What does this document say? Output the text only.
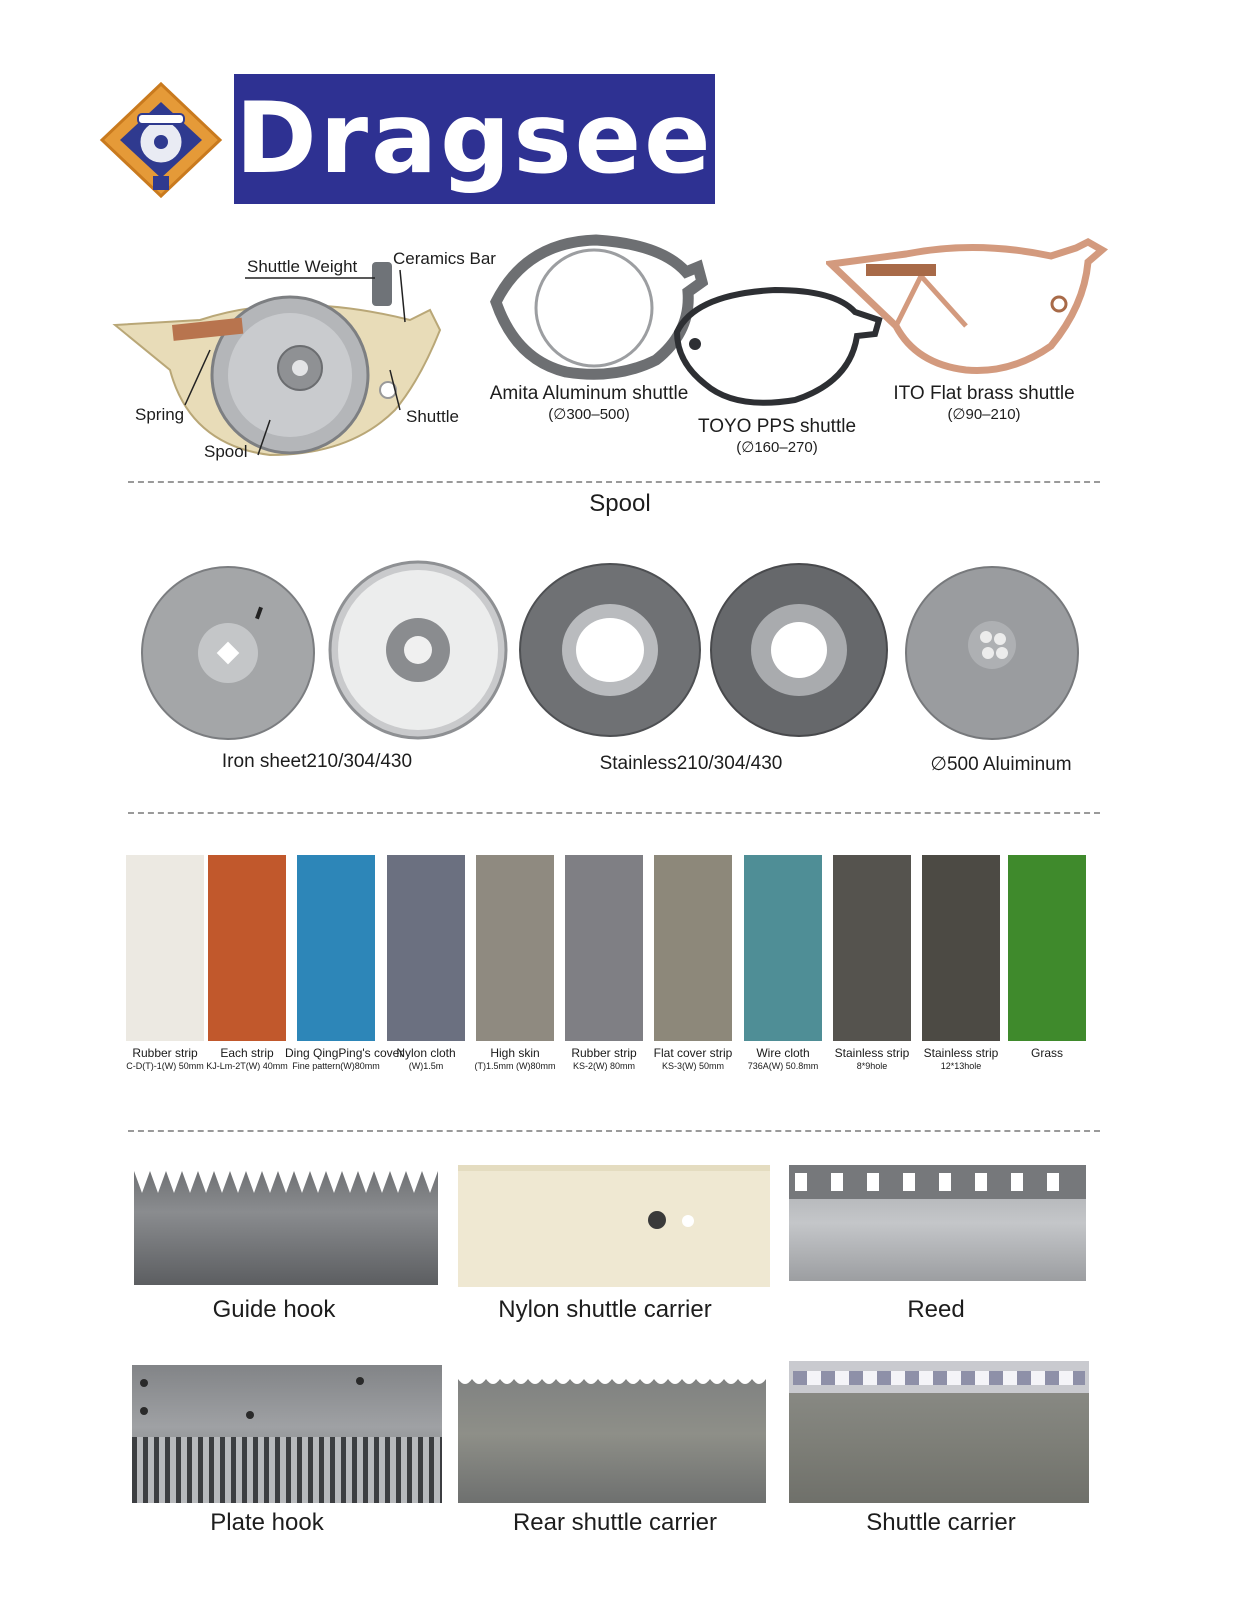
Dragsee
Shuttle Weight Ceramics Bar
Spring	Shuttle
Spool
Amita Aluminum shuttle
(∅300–500)
TOYO PPS shuttle
(∅160–270)
ITO Flat brass shuttle
(∅90–210)
Spool
Iron sheet210/304/430	Stainless210/304/430	∅500 Aluiminum
Rubber strip
C-D(T)-1(W) 50mm
Each strip
KJ-Lm-2T(W) 40mm
Ding QingPing's cover
Fine pattern(W)80mm
Nylon cloth
(W)1.5m
High skin
(T)1.5mm (W)80mm
Rubber strip
KS-2(W) 80mm
Flat cover strip
KS-3(W) 50mm
Wire cloth
736A(W) 50.8mm
Stainless strip
8*9hole
Stainless strip
12*13hole
Grass
Guide hook	Nylon shuttle carrier	Reed
Plate hook	Rear shuttle carrier	Shuttle carrier
